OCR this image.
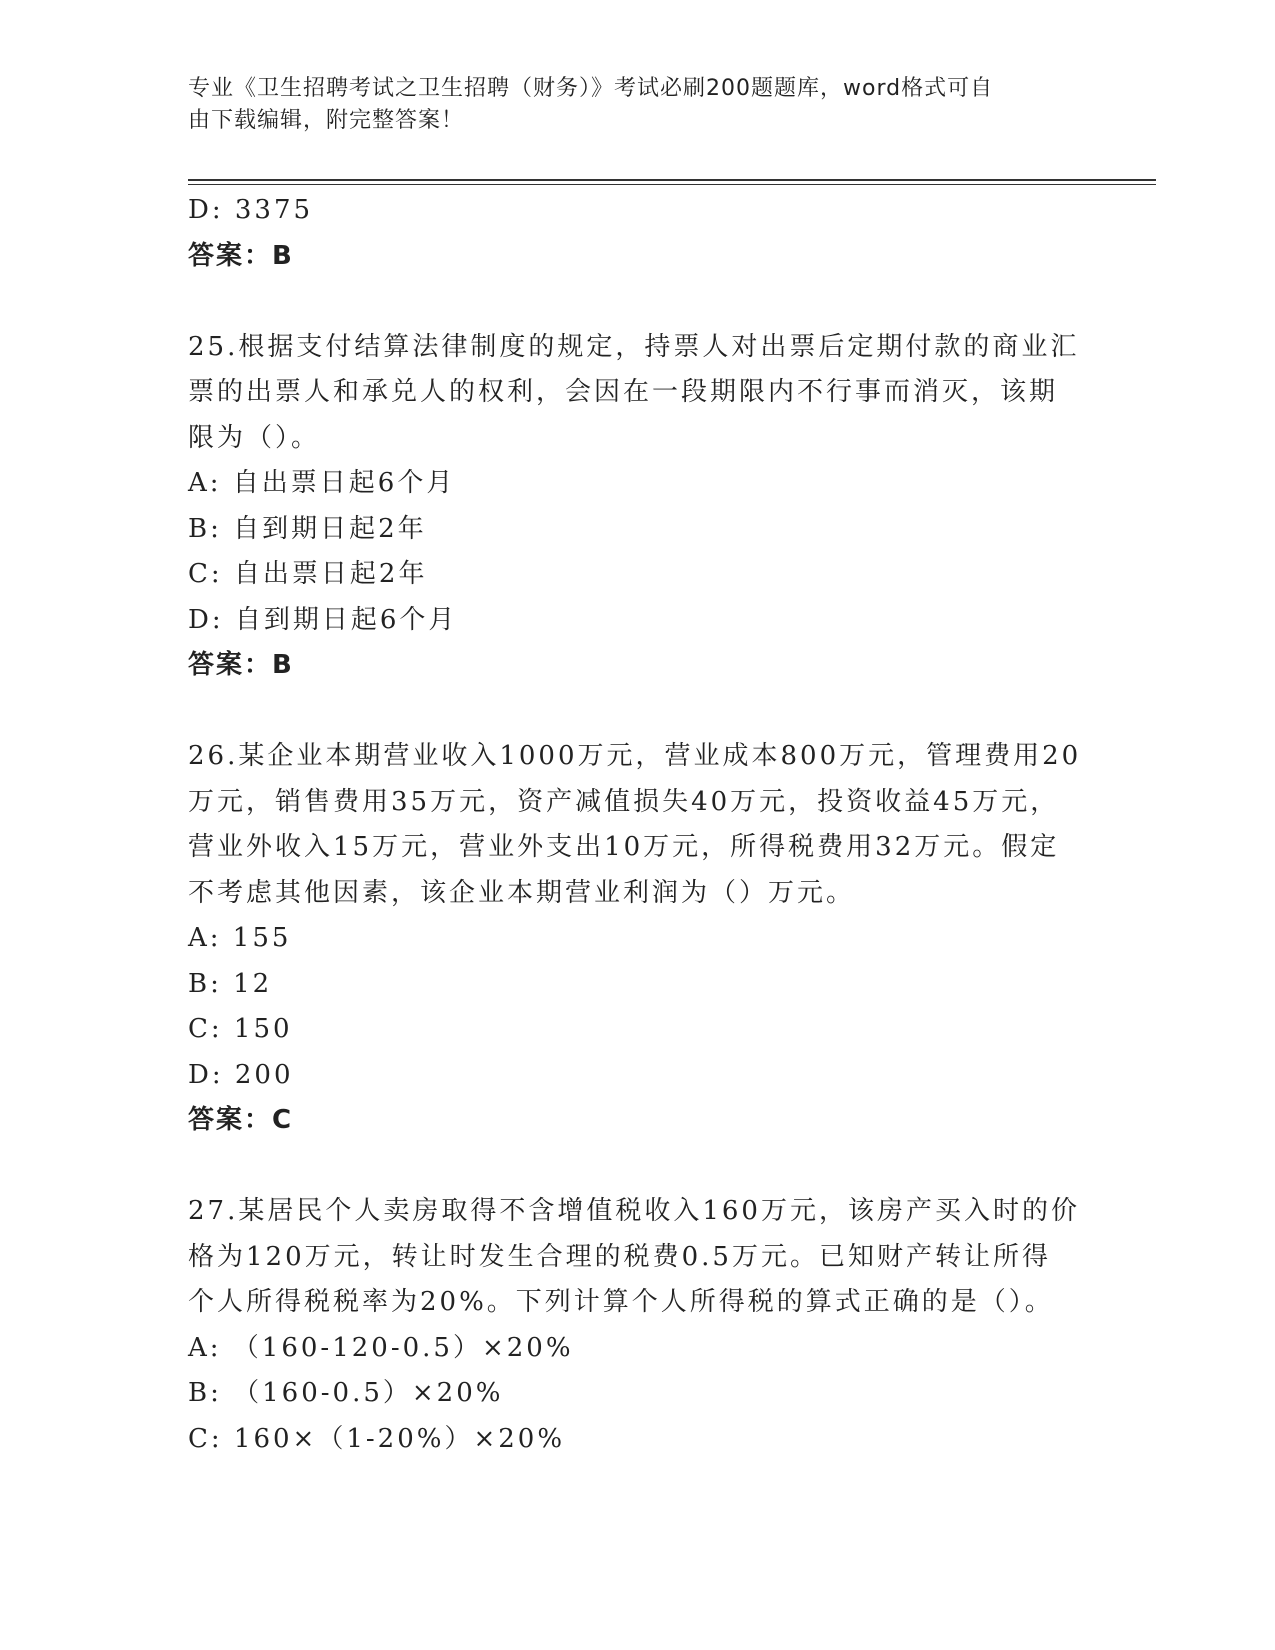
专业《卫生招聘考试之卫生招聘（财务）》考试必刷200题题库，word格式可自
由下载编辑，附完整答案！
D: 3375
答案：B
25.根据支付结算法律制度的规定，持票人对出票后定期付款的商业汇
票的出票人和承兑人的权利，会因在一段期限内不行事而消灭，该期
限为（）。
A: 自出票日起6个月
B: 自到期日起2年
C: 自出票日起2年
D: 自到期日起6个月
答案：B
26.某企业本期营业收入1000万元，营业成本800万元，管理费用20
万元，销售费用35万元，资产减值损失40万元，投资收益45万元，
营业外收入15万元，营业外支出10万元，所得税费用32万元。假定
不考虑其他因素，该企业本期营业利润为（）万元。
A: 155
B: 12
C: 150
D: 200
答案：C
27.某居民个人卖房取得不含增值税收入160万元，该房产买入时的价
格为120万元，转让时发生合理的税费0.5万元。已知财产转让所得
个人所得税税率为20%。下列计算个人所得税的算式正确的是（）。
A: （160-120-0.5）×20%
B: （160-0.5）×20%
C: 160×（1-20%）×20%
